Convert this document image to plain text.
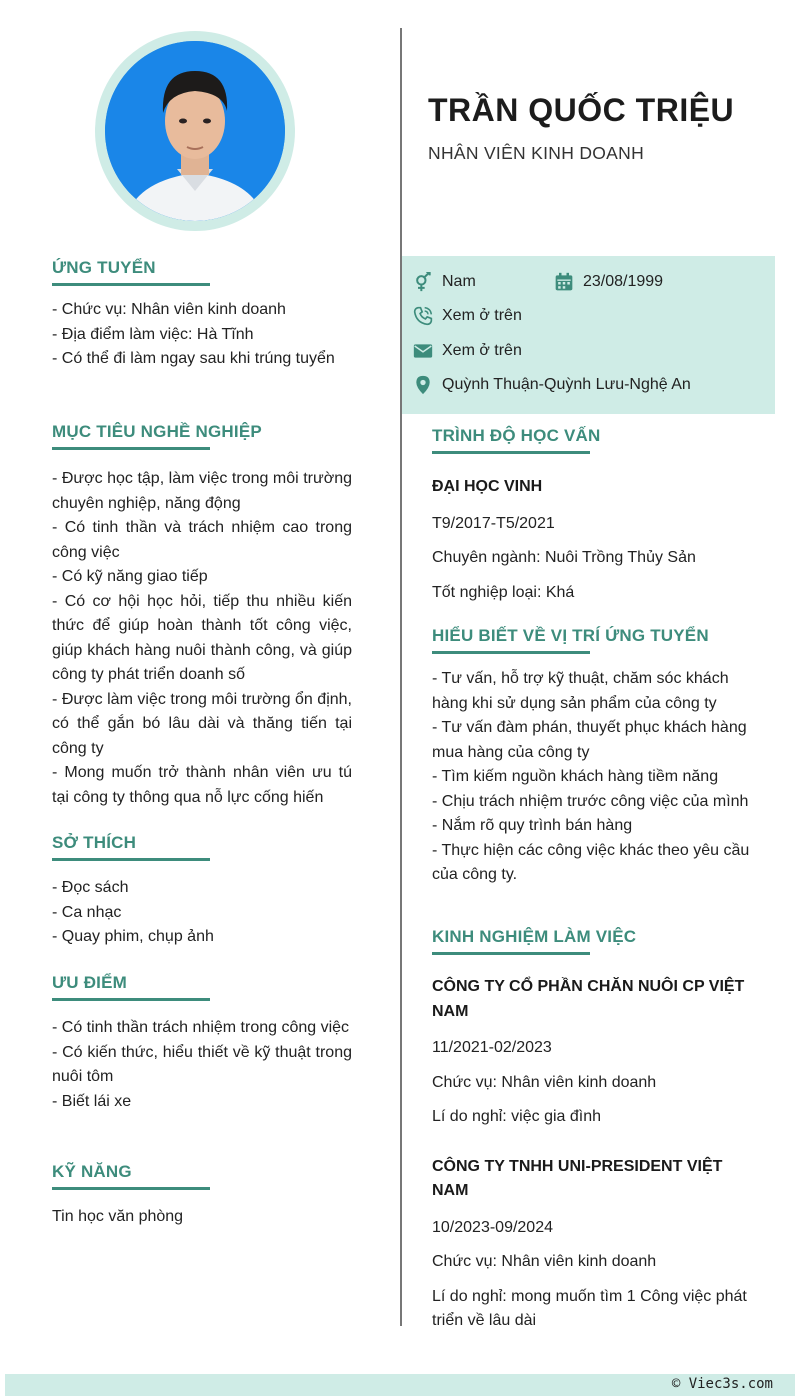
ỨNG TUYỂN
- Chức vụ: Nhân viên kinh doanh
- Địa điểm làm việc: Hà Tĩnh
- Có thể đi làm ngay sau khi trúng tuyển
MỤC TIÊU NGHỀ NGHIỆP
- Được học tập, làm việc trong môi trường chuyên nghiệp, năng động
- Có tinh thần và trách nhiệm cao trong công việc
- Có kỹ năng giao tiếp
- Có cơ hội học hỏi, tiếp thu nhiều kiến thức để giúp hoàn thành tốt công việc, giúp khách hàng nuôi thành công, và giúp công ty phát triển doanh số
- Được làm việc trong môi trường ổn định, có thể gắn bó lâu dài và thăng tiến tại công ty
- Mong muốn trở thành nhân viên ưu tú tại công ty thông qua nỗ lực cống hiến
SỞ THÍCH
- Đọc sách
- Ca nhạc
- Quay phim, chụp ảnh
ƯU ĐIỂM
- Có tinh thần trách nhiệm trong công việc
- Có kiến thức, hiểu thiết về kỹ thuật trong nuôi tôm
- Biết lái xe
KỸ NĂNG
Tin học văn phòng
TRẦN QUỐC TRIỆU
NHÂN VIÊN KINH DOANH
Nam	23/08/1999
Xem ở trên
Xem ở trên
Quỳnh Thuận-Quỳnh Lưu-Nghệ An
TRÌNH ĐỘ HỌC VẤN
ĐẠI HỌC VINH
T9/2017-T5/2021
Chuyên ngành: Nuôi Trồng Thủy Sản
Tốt nghiệp loại: Khá
HIỂU BIẾT VỀ VỊ TRÍ ỨNG TUYỂN
- Tư vấn, hỗ trợ kỹ thuật, chăm sóc khách hàng khi sử dụng sản phẩm của công ty
- Tư vấn đàm phán, thuyết phục khách hàng mua hàng của công ty
- Tìm kiếm nguồn khách hàng tiềm năng
- Chịu trách nhiệm trước công việc của mình
- Nắm rõ quy trình bán hàng
- Thực hiện các công việc khác theo yêu cầu của công ty.
KINH NGHIỆM LÀM VIỆC
CÔNG TY CỔ PHẦN CHĂN NUÔI CP VIỆT NAM
11/2021-02/2023
Chức vụ: Nhân viên kinh doanh
Lí do nghỉ: việc gia đình
CÔNG TY TNHH UNI-PRESIDENT VIỆT NAM
10/2023-09/2024
Chức vụ: Nhân viên kinh doanh
Lí do nghỉ: mong muốn tìm 1 Công việc phát triển về lâu dài
© Viec3s.com
